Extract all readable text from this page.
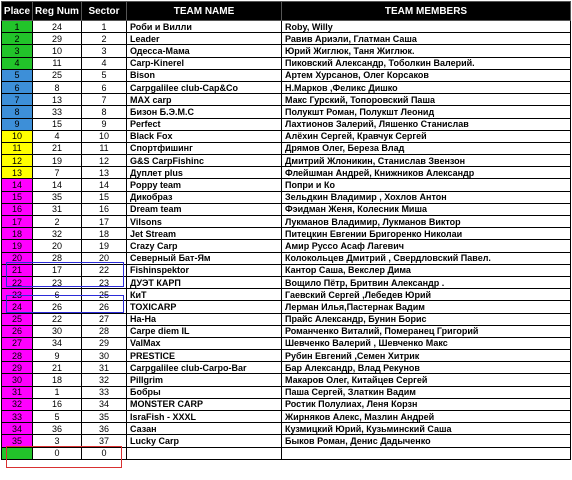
Place	Reg Num	Sector	TEAM NAME	TEAM MEMBERS
1	24	1	Роби и Вилли	Roby, Willy
2	29	2	Leader	Равив Ариэли, Глатман Саша
3	10	3	Одесса-Мама	Юрий Жиглюк, Таня Жиглюк.
4	11	4	Carp-Kinerel	Пиковский Александр, Тоболкин Валерий.
5	25	5	Bison	Артем Хурсанов, Олег Корсаков
6	8	6	Carpgalilee club-Cap&Co	Н.Марков ,Феликс Дишко
7	13	7	MAX carp	Макс Гурский, Топоровский Паша
8	33	8	Бизон Б.Э.М.С	Полукшт Роман, Полукшт Леонид
9	15	9	Perfect	Лахтионов Залерий, Ляшенко Станислав
10	4	10	Black Fox	Алёхин Сергей, Кравчук Сергей
11	21	11	Спортфишинг	Дрямов Олег, Береза Влад
12	19	12	G&S CarpFishinc	Дмитрий Жлоникин, Станислав Звензон
13	7	13	Дуплет plus	Флейшман Андрей, Книжников Александр
14	14	14	Poppy team	Попри и Ко
15	35	15	Дикобраз	Зельдкин Владимир , Хохлов Антон
16	31	16	Dream team	Фэидман Женя, Колесник Миша
17	2	17	Vilsons	Лукманов Владимир, Лукманов Виктор
18	32	18	Jet Stream	Питецкин Евгении Бригоренко Николаи
19	20	19	Crazy Carp	Амир Руссо Асаф Лагевич
20	28	20	Северный Бат-Ям	Колокольцев Дмитрий , Свердловский Павел.
21	17	22	Fishinspektor	Кантор Саша, Векслер Дима
22	23	23	ДУЭТ КАРП	Вощило Пётр, Бритвин Александр .
23	6	25	КиТ	Гаевский Сергей ,Лебедев Юрий
24	26	26	TOXICARP	Лерман Илья,Пастернак Вадим
25	22	27	Ha-Ha	Прайс Александр, Бунин Борис
26	30	28	Carpe diem IL	Романченко Виталий, Померанец Григорий
27	34	29	ValMax	Шевченко Валерий , Шевченко Макс
28	9	30	PRESTICE	Рубин Евгений ,Семен Хитрик
29	21	31	Carpgalilee club-Carpo-Bar	Бар Александр, Влад Рекунов
30	18	32	Pillgrim	Макаров Олег, Китайцев Сергей
31	1	33	Бобры	Паша Сергей, Златкин Вадим
32	16	34	MONSTER CARP	Ростик Полулиах, Леня Корзн
33	5	35	IsraFish - XXXL	Жирняков Алекс, Мазлин Андрей
34	36	36	Сазан	Кузмицкий Юрий, Кузьминский Саша
35	3	37	Lucky Carp	Быков Роман, Денис Дадыченко
	0	0		
